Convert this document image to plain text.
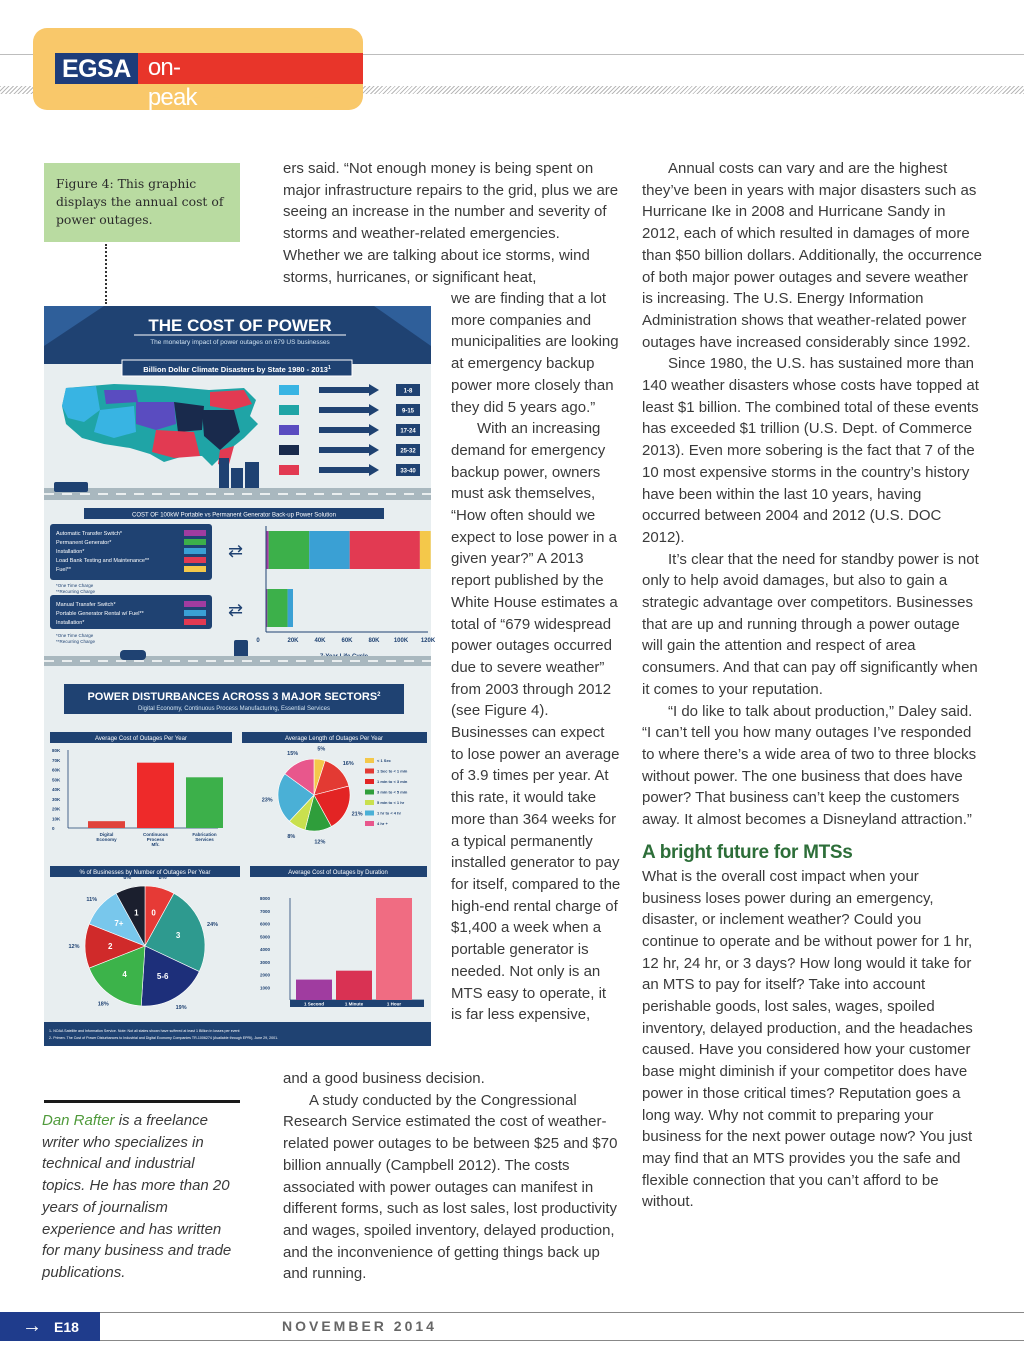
EGSA on-peakperformance
Figure 4: This graphic displays the annual cost of power outages.
THE COST OF POWER
The monetary impact of power outages on 679 US businesses
Billion Dollar Climate Disasters by State 1980 - 2013$^1$
1-8
9-15
17-24
25-32
33-40
COST OF 100kW Portable vs Permanent Generator Back-up Power Solution
Automatic Transfer Switch*
Permanent Generator*
Installation*
Load Bank Testing and Maintenance**
Fuel**
*One Time Charge
**Recurring Charge
Manual Transfer Switch*
Portable Generator Rental w/ Fuel**
Installation*
*One Time Charge
**Recurring Charge
⇄
⇄
0	20K	40K	60K	80K 100K 120K
POWER DISTURBANCES ACROSS 3 MAJOR SECTORS$^2$
Digital Economy, Continuous Process Manufacturing, Essential Services
Average Cost of Outages Per Year
0
10K
20K
30K
40K
50K
60K
70K
80K
Digital
Economy
Continuous
Process
Mfr.
Fabrication
Services
Average Length of Outages Per Year
5%
16%
21%
12%
8%
23%
15%
< 1 Sec
1 Sec to < 1 min
1 min to < 3 min
3 min to < 5 min
5 min to < 1 hr
1 hr to < 4 hr
4 hr +
% of Businesses by Number of Outages Per Year
8%
0
24%
3
19%
5-6
18%
4
12%	2
11%
7+
8%
1
Average Cost of Outages by Duration
1000
2000
3000
4000
5000
6000
7000
8000
1 Second	1 Minute	1 Hour
1- NOAA Satellite and Information Service. Note: Not all states shown have suffered at least 1 Billion in losses per event
2- Primen. The Cost of Power Disturbances to Industrial and Digital Economy Companies TR-1006274 (Available through EPRI), June 29, 2001.
ers said. “Not enough money is being spent on major infrastructure repairs to the grid, plus we are seeing an increase in the number and severity of storms and weather-related emergencies. Whether we are talking about ice storms, wind storms, hurricanes, or significant heat,

we are finding that a lot more companies and municipalities are looking at emergency backup power more closely than they did 5 years ago.”

With an increasing demand for emergency backup power, owners must ask themselves, “How often should we expect to lose power in a given year?” A 2013 report published by the White House estimates a total of “679 widespread power outages occurred due to severe weather” from 2003 through 2012 (see Figure 4). Businesses can expect to lose power an average of 3.9 times per year. At this rate, it would take more than 364 weeks for a typical permanently installed generator to pay for itself, compared to the high-end rental charge of $1,400 a week when a portable generator is needed. Not only is an MTS easy to operate, it is far less expensive,

and a good business decision.

A study conducted by the Congressional Research Service estimated the cost of weather-related power outages to be between $25 and $70 billion annually (Campbell 2012). The costs associated with power outages can manifest in different forms, such as lost sales, lost productivity and wages, spoiled inventory, delayed production, and the inconvenience of getting things back up and running.

Annual costs can vary and are the highest they’ve been in years with major disasters such as Hurricane Ike in 2008 and Hurricane Sandy in 2012, each of which resulted in damages of more than $50 billion dollars. Additionally, the occurrence of both major power outages and severe weather is increasing. The U.S. Energy Information Administration shows that weather-related power outages have increased considerably since 1992.

Since 1980, the U.S. has sustained more than 140 weather disasters whose costs have topped at least $1 billion. The combined total of these events has exceeded $1 trillion (U.S. Dept. of Commerce 2013). Even more sobering is the fact that 7 of the 10 most expensive storms in the country’s history have been within the last 10 years, having occurred between 2004 and 2012 (U.S. DOC 2012).

It’s clear that the need for standby power is not only to help avoid damages, but also to gain a strategic advantage over competitors. Businesses that are up and running through a power outage will gain the attention and respect of area consumers. And that can pay off significantly when it comes to your reputation.

“I do like to talk about production,” Daley said. “I can’t tell you how many outages I’ve responded to where there’s a wide area of two to three blocks without power. The one business that does have power? That business can’t keep the customers away. It almost becomes a Disneyland attraction.”

A bright future for MTSs

What is the overall cost impact when your business loses power during an emergency, disaster, or inclement weather? Could you continue to operate and be without power for 1 hr, 12 hr, 24 hr, or 3 days? How long would it take for an MTS to pay for itself? Take into account perishable goods, lost sales, wages, spoiled inventory, delayed production, and the headaches caused. Have you considered how your customer base might diminish if your competitor does have power in those critical times? Reputation goes a long way. Why not commit to preparing your business for the next power outage now? You just may find that an MTS provides you the safe and flexible connection that you can’t afford to be without.

Dan Rafter is a freelance writer who specializes in technical and industrial topics. He has more than 20 years of journalism experience and has written for many business and trade publications.
→ E18	NOVEMBER 2014
